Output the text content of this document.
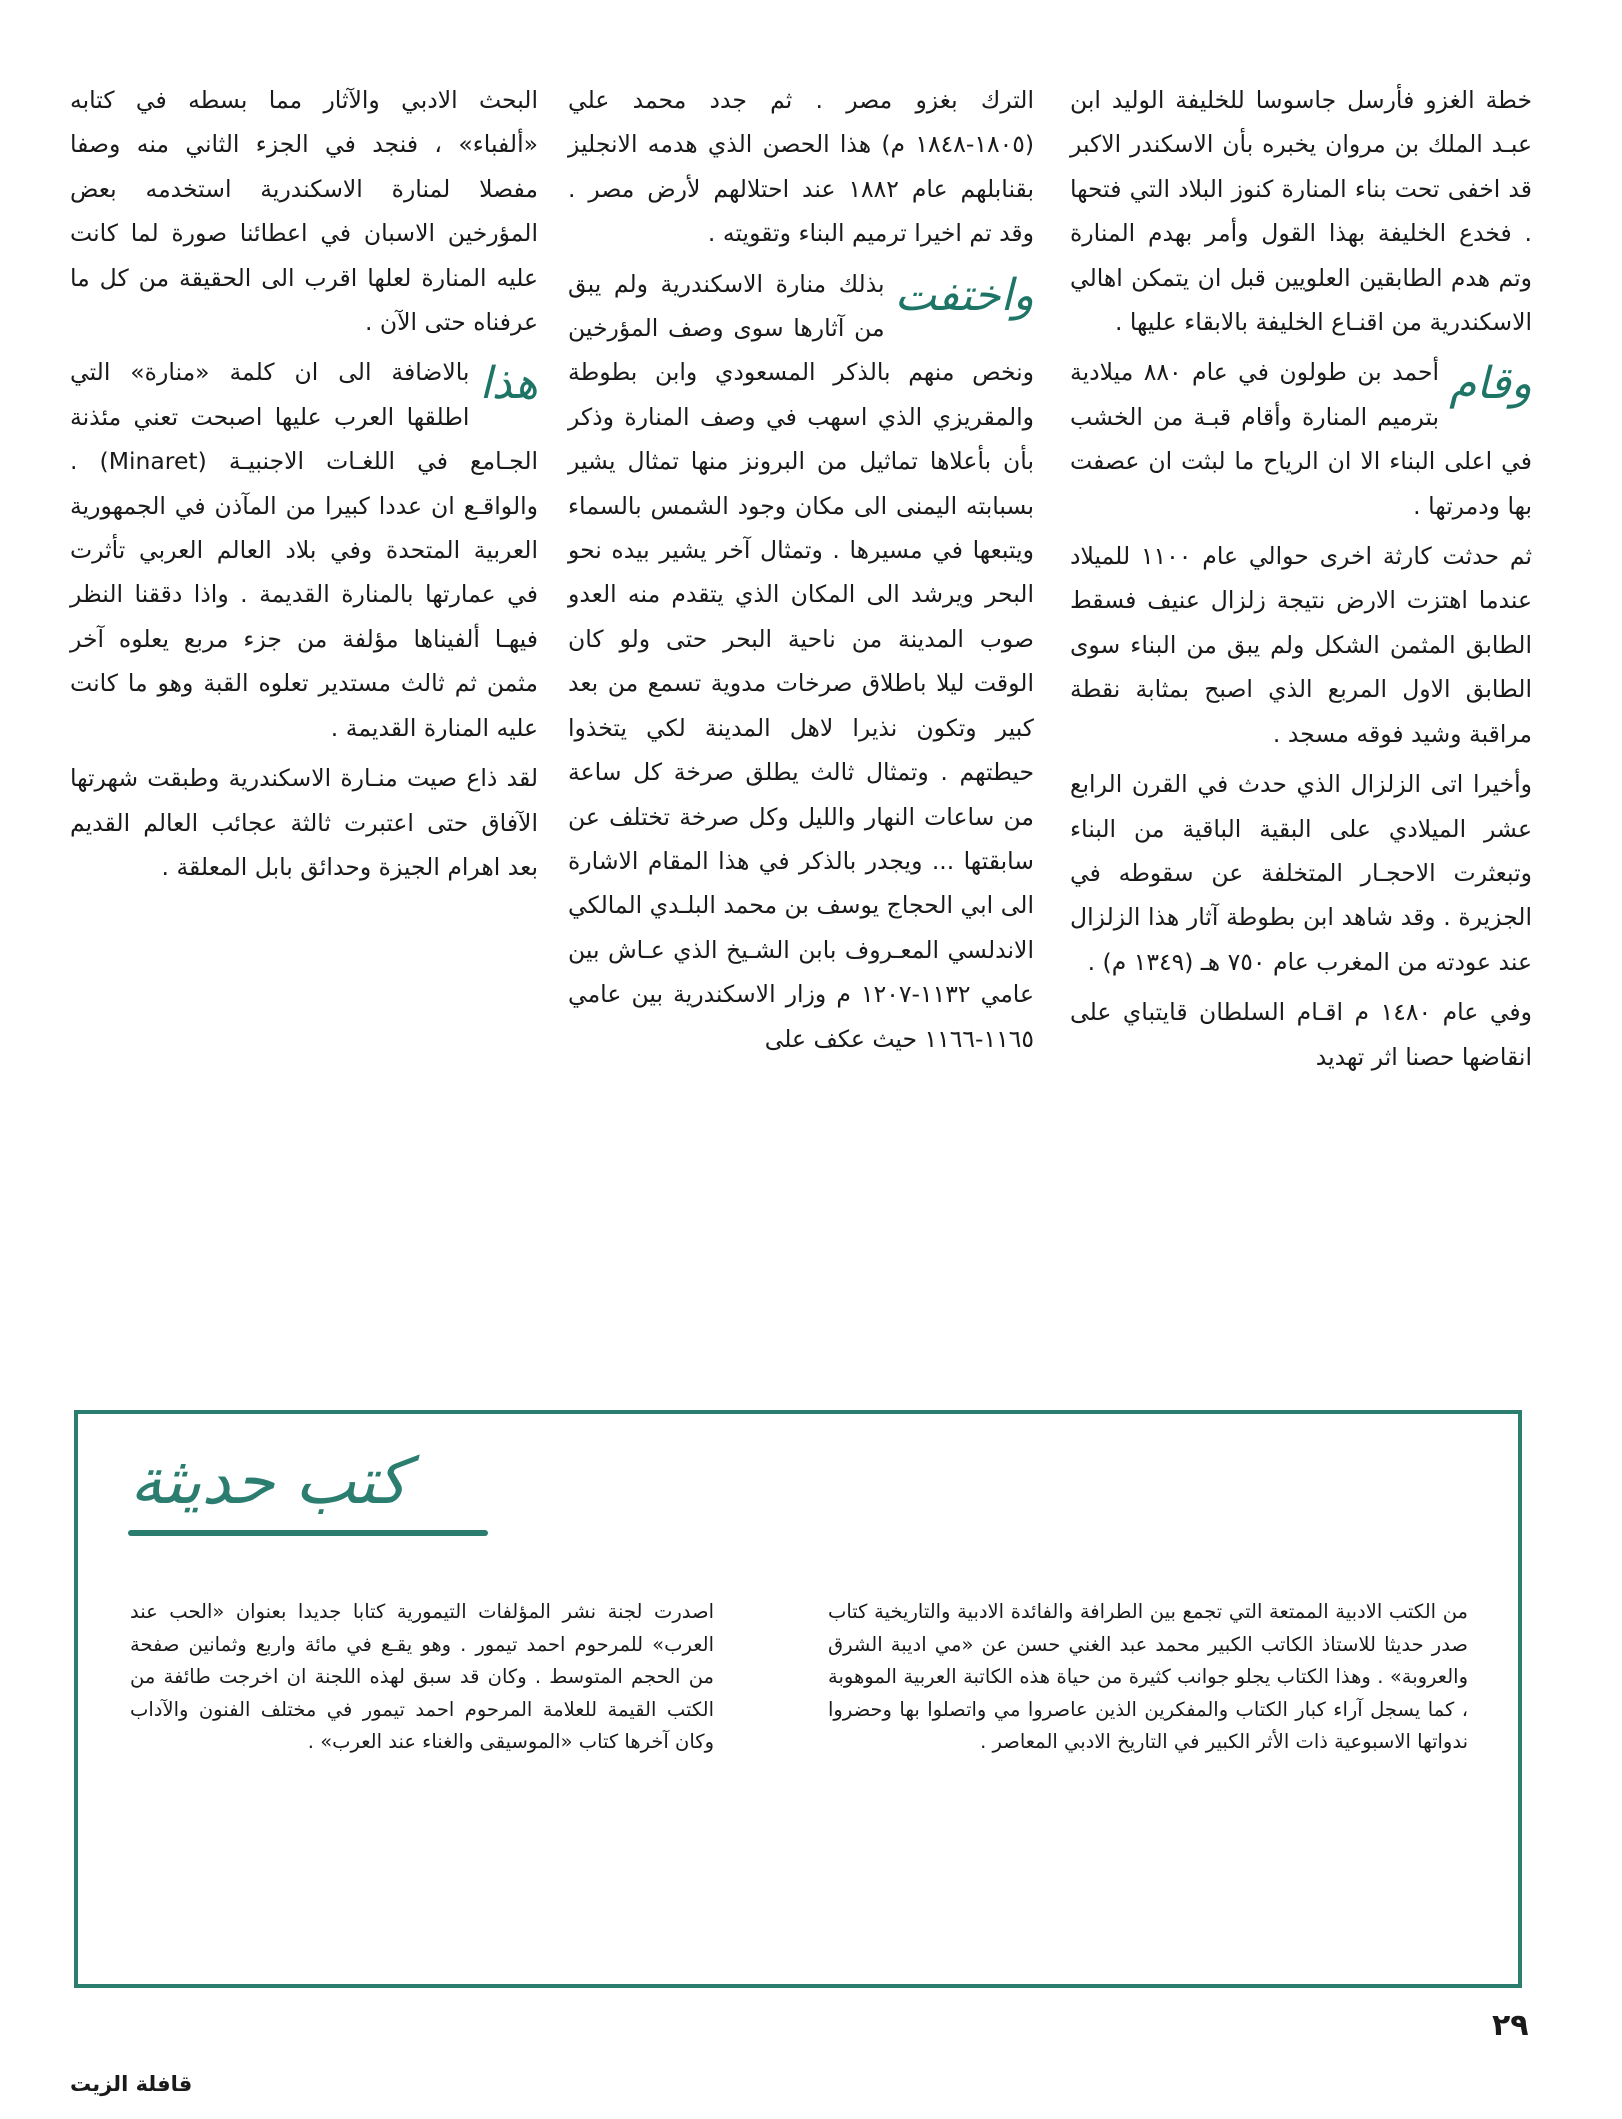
خطة الغزو فأرسل جاسوسا للخليفة الوليد ابن عبـد الملك بن مروان يخبره بأن الاسكندر الاكبر قد اخفى تحت بناء المنارة كنوز البلاد التي فتحها . فخدع الخليفة بهذا القول وأمر بهدم المنارة وتم هدم الطابقين العلويين قبل ان يتمكن اهالي الاسكندرية من اقنـاع الخليفة بالابقاء عليها .

وقام
أحمد بن طولون في عام ٨٨٠ ميلادية بترميم المنارة وأقام قبـة من الخشب في اعلى البناء الا ان الرياح ما لبثت ان عصفت بها ودمرتها .

ثم حدثت كارثة اخرى حوالي عام ١١٠٠ للميلاد عندما اهتزت الارض نتيجة زلزال عنيف فسقط الطابق المثمن الشكل ولم يبق من البناء سوى الطابق الاول المربع الذي اصبح بمثابة نقطة مراقبة وشيد فوقه مسجد .

وأخيرا اتى الزلزال الذي حدث في القرن الرابع عشر الميلادي على البقية الباقية من البناء وتبعثرت الاحجـار المتخلفة عن سقوطه في الجزيرة . وقد شاهد ابن بطوطة آثار هذا الزلزال عند عودته من المغرب عام ٧٥٠ هـ (١٣٤٩ م) .

وفي عام ١٤٨٠ م اقـام السلطان قايتباي على انقاضها حصنا اثر تهديد

الترك بغزو مصر . ثم جدد محمد علي (١٨٠٥-١٨٤٨ م) هذا الحصن الذي هدمه الانجليز بقنابلهم عام ١٨٨٢ عند احتلالهم لأرض مصر . وقد تم اخيرا ترميم البناء وتقويته .

واختفت
بذلك منارة الاسكندرية ولم يبق من آثارها سوى وصف المؤرخين ونخص منهم بالذكر المسعودي وابن بطوطة والمقريزي الذي اسهب في وصف المنارة وذكر بأن بأعلاها تماثيل من البرونز منها تمثال يشير بسبابته اليمنى الى مكان وجود الشمس بالسماء ويتبعها في مسيرها . وتمثال آخر يشير بيده نحو البحر ويرشد الى المكان الذي يتقدم منه العدو صوب المدينة من ناحية البحر حتى ولو كان الوقت ليلا باطلاق صرخات مدوية تسمع من بعد كبير وتكون نذيرا لاهل المدينة لكي يتخذوا حيطتهم . وتمثال ثالث يطلق صرخة كل ساعة من ساعات النهار والليل وكل صرخة تختلف عن سابقتها ... ويجدر بالذكر في هذا المقام الاشارة الى ابي الحجاج يوسف بن محمد البلـدي المالكي الاندلسي المعـروف بابن الشـيخ الذي عـاش بين عامي ١١٣٢-١٢٠٧ م وزار الاسكندرية بين عامي ١١٦٥-١١٦٦ حيث عكف على

البحث الادبي والآثار مما بسطه في كتابه «ألفباء» ، فنجد في الجزء الثاني منه وصفا مفصلا لمنارة الاسكندرية استخدمه بعض المؤرخين الاسبان في اعطائنا صورة لما كانت عليه المنارة لعلها اقرب الى الحقيقة من كل ما عرفناه حتى الآن .

هذا
بالاضافة الى ان كلمة «منارة» التي اطلقها العرب عليها اصبحت تعني مئذنة الجـامع في اللغـات الاجنبيـة (Minaret) . والواقـع ان عددا كبيرا من المآذن في الجمهورية العربية المتحدة وفي بلاد العالم العربي تأثرت في عمارتها بالمنارة القديمة . واذا دققنا النظر فيهـا ألفيناها مؤلفة من جزء مربع يعلوه آخر مثمن ثم ثالث مستدير تعلوه القبة وهو ما كانت عليه المنارة القديمة .

لقد ذاع صيت منـارة الاسكندرية وطبقت شهرتها الآفاق حتى اعتبرت ثالثة عجائب العالم القديم بعد اهرام الجيزة وحدائق بابل المعلقة .

كتب حديثة

من الكتب الادبية الممتعة التي تجمع بين الطرافة والفائدة الادبية والتاريخية كتاب صدر حديثا للاستاذ الكاتب الكبير محمد عبد الغني حسن عن «مي اديبة الشرق والعروبة» . وهذا الكتاب يجلو جوانب كثيرة من حياة هذه الكاتبة العربية الموهوبة ، كما يسجل آراء كبار الكتاب والمفكرين الذين عاصروا مي واتصلوا بها وحضروا ندواتها الاسبوعية ذات الأثر الكبير في التاريخ الادبي المعاصر .

اصدرت لجنة نشر المؤلفات التيمورية كتابا جديدا بعنوان «الحب عند العرب» للمرحوم احمد تيمور . وهو يقـع في مائة واربع وثمانين صفحة من الحجم المتوسط . وكان قد سبق لهذه اللجنة ان اخرجت طائفة من الكتب القيمة للعلامة المرحوم احمد تيمور في مختلف الفنون والآداب وكان آخرها كتاب «الموسيقى والغناء عند العرب» .

٢٩
قافلة الزيت
